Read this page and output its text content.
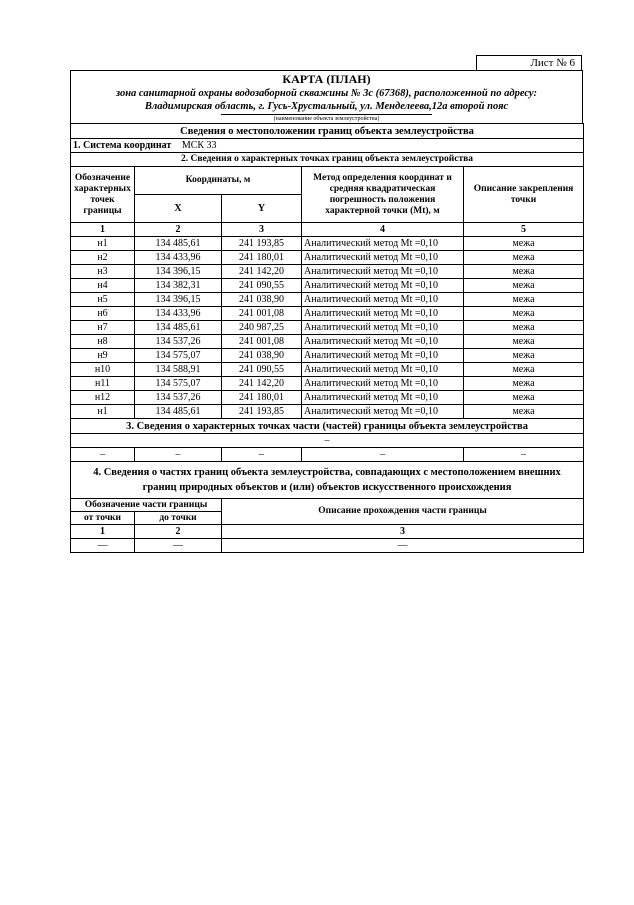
Лист № 6
КАРТА (ПЛАН)
зона санитарной охраны водозаборной скважины № 3с (67368), расположенной по адресу:
Владимирская область, г. Гусь-Хрустальный, ул. Менделеева,12а второй пояс
(наименование объекта землеустройства)
Сведения о местоположении границ объекта землеустройства				
1. Система координат МСК 33				
2. Сведения о характерных точках границ объекта землеустройства				
Обозначение характерных точек границы	Координаты, м		Метод определения координат и средняя квадратическая погрешность положения характерной точки (Mt), м	Описание закрепления точки
	X	Y		
1	2	3	4	5
н1	134 485,61	241 193,85	Аналитический метод Mt =0,10	межа
н2	134 433,96	241 180,01	Аналитический метод Mt =0,10	межа
н3	134 396,15	241 142,20	Аналитический метод Mt =0,10	межа
н4	134 382,31	241 090,55	Аналитический метод Mt =0,10	межа
н5	134 396,15	241 038,90	Аналитический метод Mt =0,10	межа
н6	134 433,96	241 001,08	Аналитический метод Mt =0,10	межа
н7	134 485,61	240 987,25	Аналитический метод Mt =0,10	межа
н8	134 537,26	241 001,08	Аналитический метод Mt =0,10	межа
н9	134 575,07	241 038,90	Аналитический метод Mt =0,10	межа
н10	134 588,91	241 090,55	Аналитический метод Mt =0,10	межа
н11	134 575,07	241 142,20	Аналитический метод Mt =0,10	межа
н12	134 537,26	241 180,01	Аналитический метод Mt =0,10	межа
н1	134 485,61	241 193,85	Аналитический метод Mt =0,10	межа
3. Сведения о характерных точках части (частей) границы объекта землеустройства				
–				
–	–	–	–	–
4. Сведения о частях границ объекта землеустройства, совпадающих с местоположением внешних границ природных объектов и (или) объектов искусственного происхождения		
Обозначение части границы		Описание прохождения части границы
от точки	до точки	
1	2	3
—	—	—
